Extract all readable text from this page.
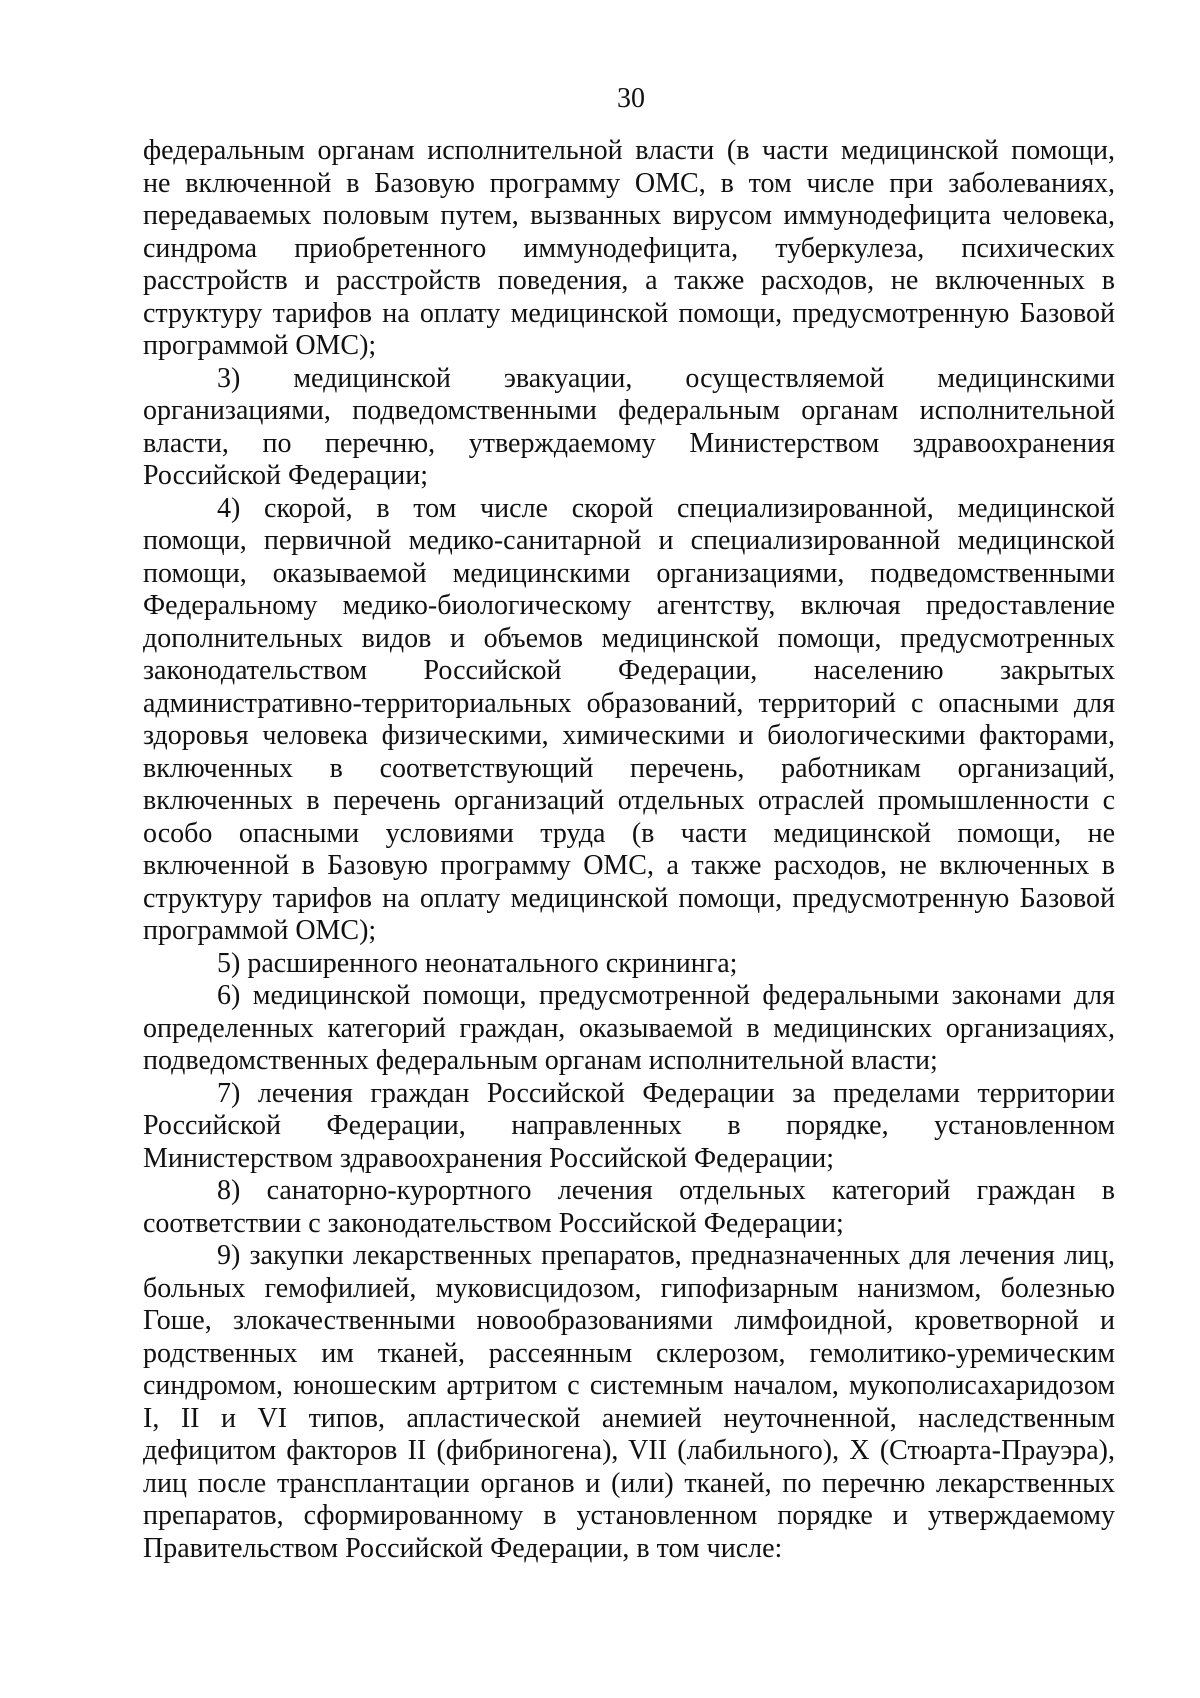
30
федеральным органам исполнительной власти (в части медицинской помощи,
не включенной в Базовую программу ОМС, в том числе при заболеваниях,
передаваемых половым путем, вызванных вирусом иммунодефицита человека,
синдрома приобретенного иммунодефицита, туберкулеза, психических
расстройств и расстройств поведения, а также расходов, не включенных в
структуру тарифов на оплату медицинской помощи, предусмотренную Базовой
программой ОМС);
3) медицинской эвакуации, осуществляемой медицинскими
организациями, подведомственными федеральным органам исполнительной
власти, по перечню, утверждаемому Министерством здравоохранения
Российской Федерации;
4) скорой, в том числе скорой специализированной, медицинской
помощи, первичной медико-санитарной и специализированной медицинской
помощи, оказываемой медицинскими организациями, подведомственными
Федеральному медико-биологическому агентству, включая предоставление
дополнительных видов и объемов медицинской помощи, предусмотренных
законодательством Российской Федерации, населению закрытых
административно-территориальных образований, территорий с опасными для
здоровья человека физическими, химическими и биологическими факторами,
включенных в соответствующий перечень, работникам организаций,
включенных в перечень организаций отдельных отраслей промышленности с
особо опасными условиями труда (в части медицинской помощи, не
включенной в Базовую программу ОМС, а также расходов, не включенных в
структуру тарифов на оплату медицинской помощи, предусмотренную Базовой
программой ОМС);
5) расширенного неонатального скрининга;
6) медицинской помощи, предусмотренной федеральными законами для
определенных категорий граждан, оказываемой в медицинских организациях,
подведомственных федеральным органам исполнительной власти;
7) лечения граждан Российской Федерации за пределами территории
Российской Федерации, направленных в порядке, установленном
Министерством здравоохранения Российской Федерации;
8) санаторно-курортного лечения отдельных категорий граждан в
соответствии с законодательством Российской Федерации;
9) закупки лекарственных препаратов, предназначенных для лечения лиц,
больных гемофилией, муковисцидозом, гипофизарным нанизмом, болезнью
Гоше, злокачественными новообразованиями лимфоидной, кроветворной и
родственных им тканей, рассеянным склерозом, гемолитико-уремическим
синдромом, юношеским артритом с системным началом, мукополисахаридозом
I, II и VI типов, апластической анемией неуточненной, наследственным
дефицитом факторов II (фибриногена), VII (лабильного), X (Стюарта-Прауэра),
лиц после трансплантации органов и (или) тканей, по перечню лекарственных
препаратов, сформированному в установленном порядке и утверждаемому
Правительством Российской Федерации, в том числе:
